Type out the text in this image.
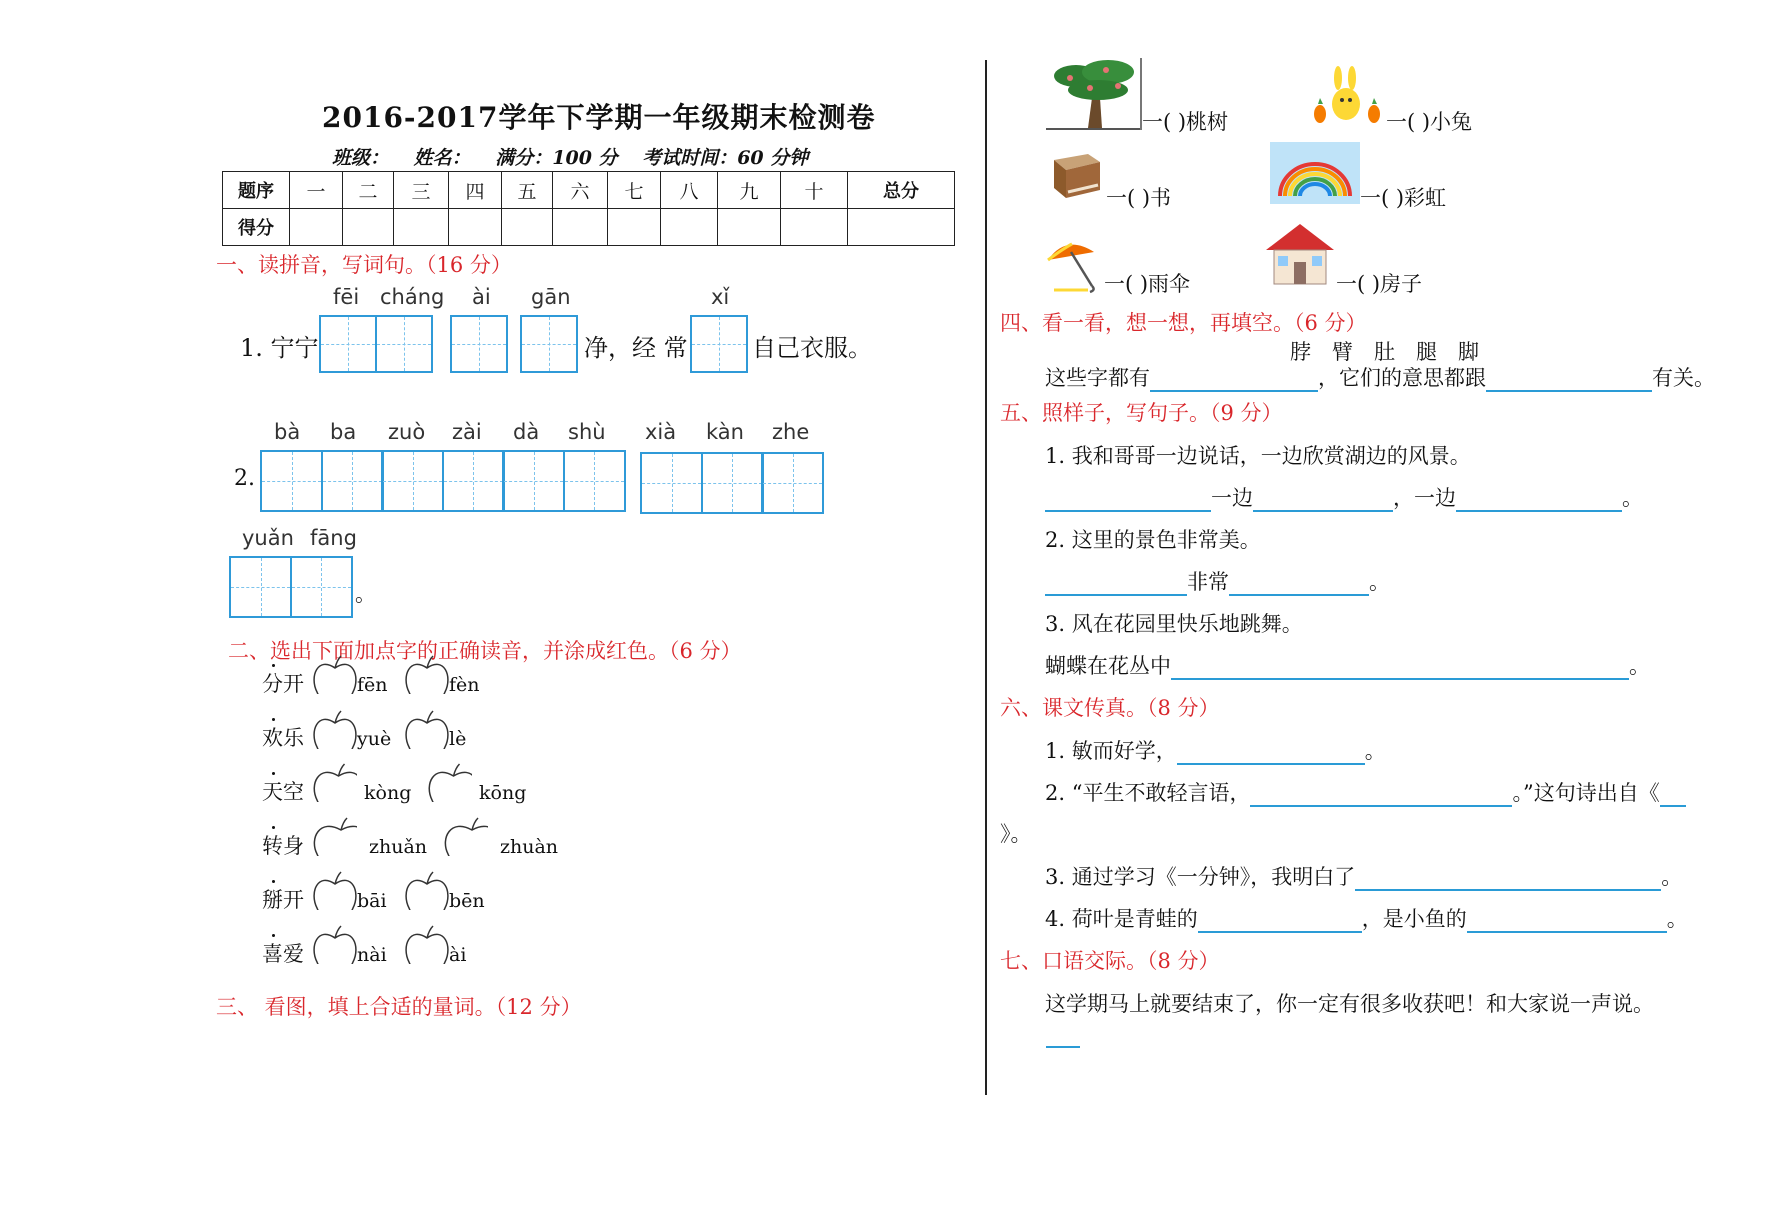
2016-2017学年下学期一年级期末检测卷
班级： 姓名： 满分：100 分 考试时间：60 分钟
题序	一	二	三	四	五	六	七	八	九	十	总分
得分											
一、读拼音，写词句。（16 分）
fēi cháng ài gān	xǐ
1. 宁宁	净，经 常	自己衣服。
bà ba zuò zài dà shù xià kàn zhe
2.
yuǎn fāng
。
二、选出下面加点字的正确读音，并涂成红色。（6 分）
分开	fēn	fèn
欢乐	yuè	lè
天空	kòng	kōng
转身	zhuǎn	zhuàn
掰开	bāi	bēn
喜爱	nài	ài
三、 看图，填上合适的量词。（12 分）
一( )桃树	一( )小兔
一( )书	一( )彩虹
一( )雨伞	一( )房子
四、看一看，想一想，再填空。（6 分）
脖　臂　肚　腿　脚
这些字都有	，它们的意思都跟	有关。
五、照样子，写句子。（9 分）
1. 我和哥哥一边说话，一边欣赏湖边的风景。
一边	，一边	。
2. 这里的景色非常美。
非常	。
3. 风在花园里快乐地跳舞。
蝴蝶在花丛中	。
六、课文传真。（8 分）
1. 敏而好学，	。
2. “平生不敢轻言语，	。”这句诗出自《
》。
3. 通过学习《一分钟》，我明白了	。
4. 荷叶是青蛙的	，是小鱼的	。
七、口语交际。（8 分）
这学期马上就要结束了，你一定有很多收获吧！和大家说一声说。
